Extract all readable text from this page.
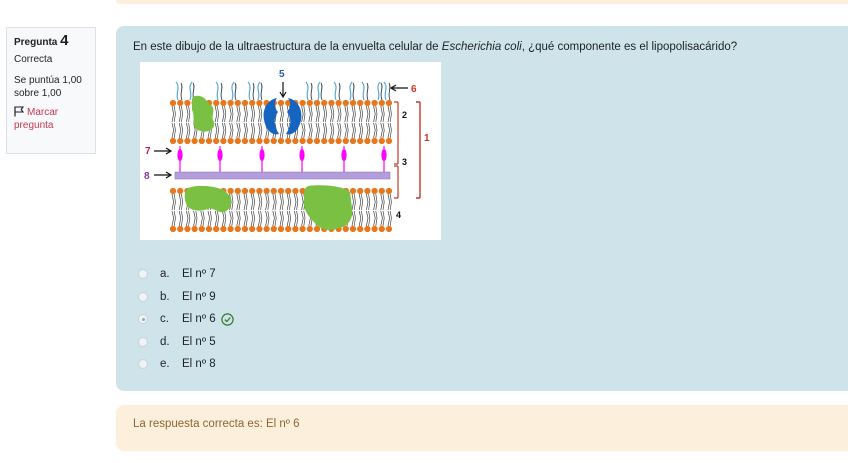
Pregunta 4
Correcta
Se puntúa 1,00 sobre 1,00
Marcar pregunta
En este dibujo de la ultraestructura de la envuelta celular de Escherichia coli, ¿qué componente es el lipopolisacárido?
2
3
1
4
5
6
7
8
a.	El nº 7
b.	El nº 9
c.	El nº 6
d.	El nº 5
e.	El nº 8
La respuesta correcta es: El nº 6
